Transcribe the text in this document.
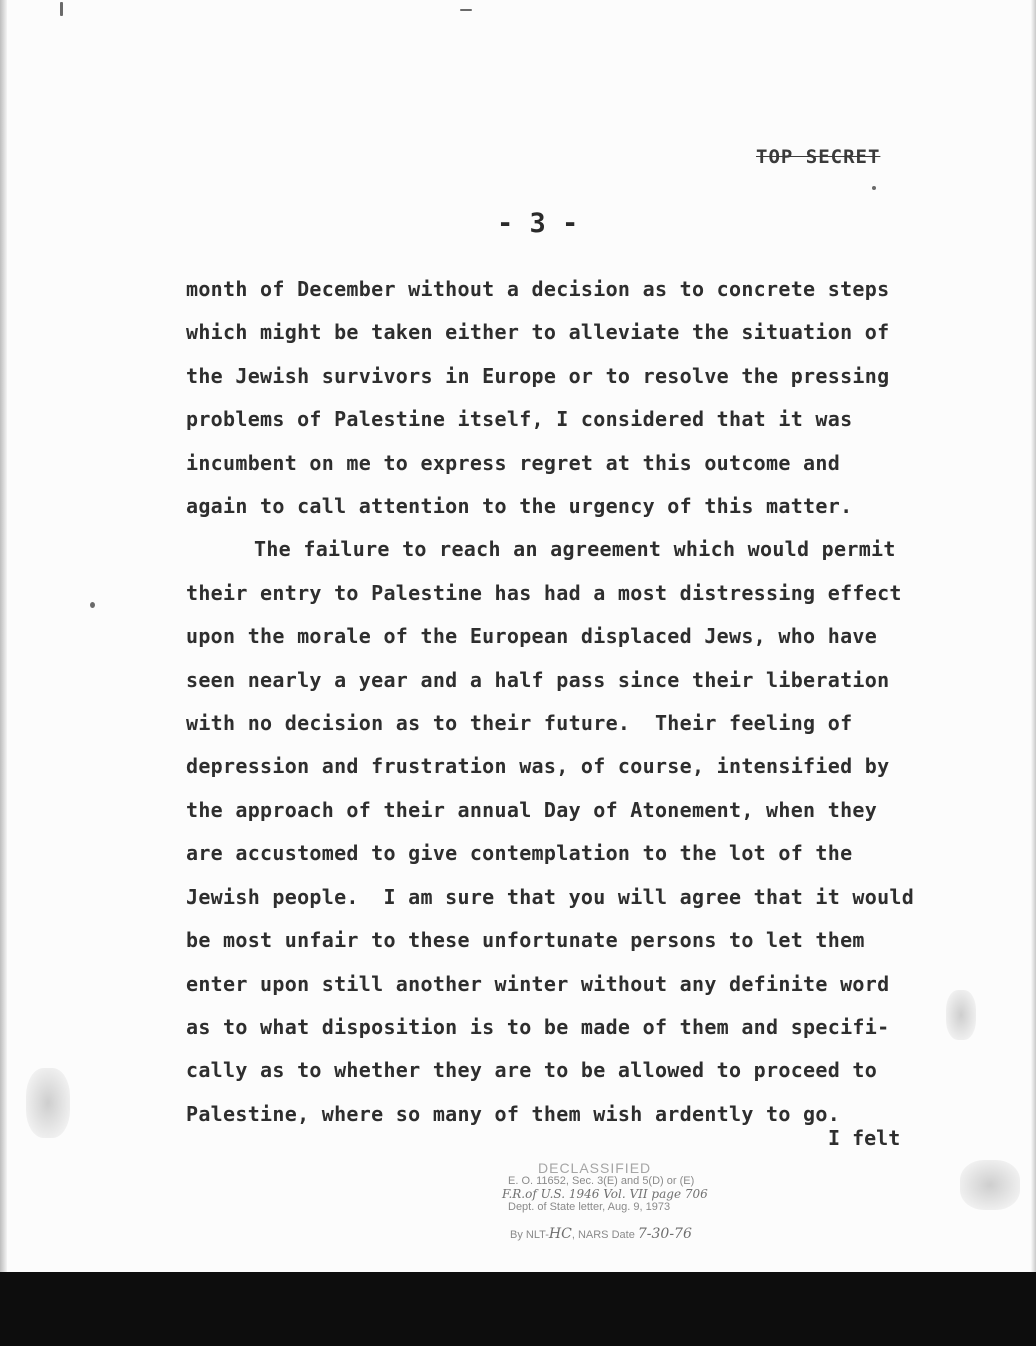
TOP SECRET
- 3 -
month of December without a decision as to concrete steps
which might be taken either to alleviate the situation of
the Jewish survivors in Europe or to resolve the pressing
problems of Palestine itself, I considered that it was
incumbent on me to express regret at this outcome and
again to call attention to the urgency of this matter.
The failure to reach an agreement which would permit
their entry to Palestine has had a most distressing effect
upon the morale of the European displaced Jews, who have
seen nearly a year and a half pass since their liberation
with no decision as to their future.  Their feeling of
depression and frustration was, of course, intensified by
the approach of their annual Day of Atonement, when they
are accustomed to give contemplation to the lot of the
Jewish people.  I am sure that you will agree that it would
be most unfair to these unfortunate persons to let them
enter upon still another winter without any definite word
as to what disposition is to be made of them and specifi-
cally as to whether they are to be allowed to proceed to
Palestine, where so many of them wish ardently to go.
I felt
DECLASSIFIED
E. O. 11652, Sec. 3(E) and 5(D) or (E)
F.R.of U.S. 1946 Vol. VII page 706
Dept. of State letter, Aug. 9, 1973
By NLT-HC, NARS Date 7-30-76
